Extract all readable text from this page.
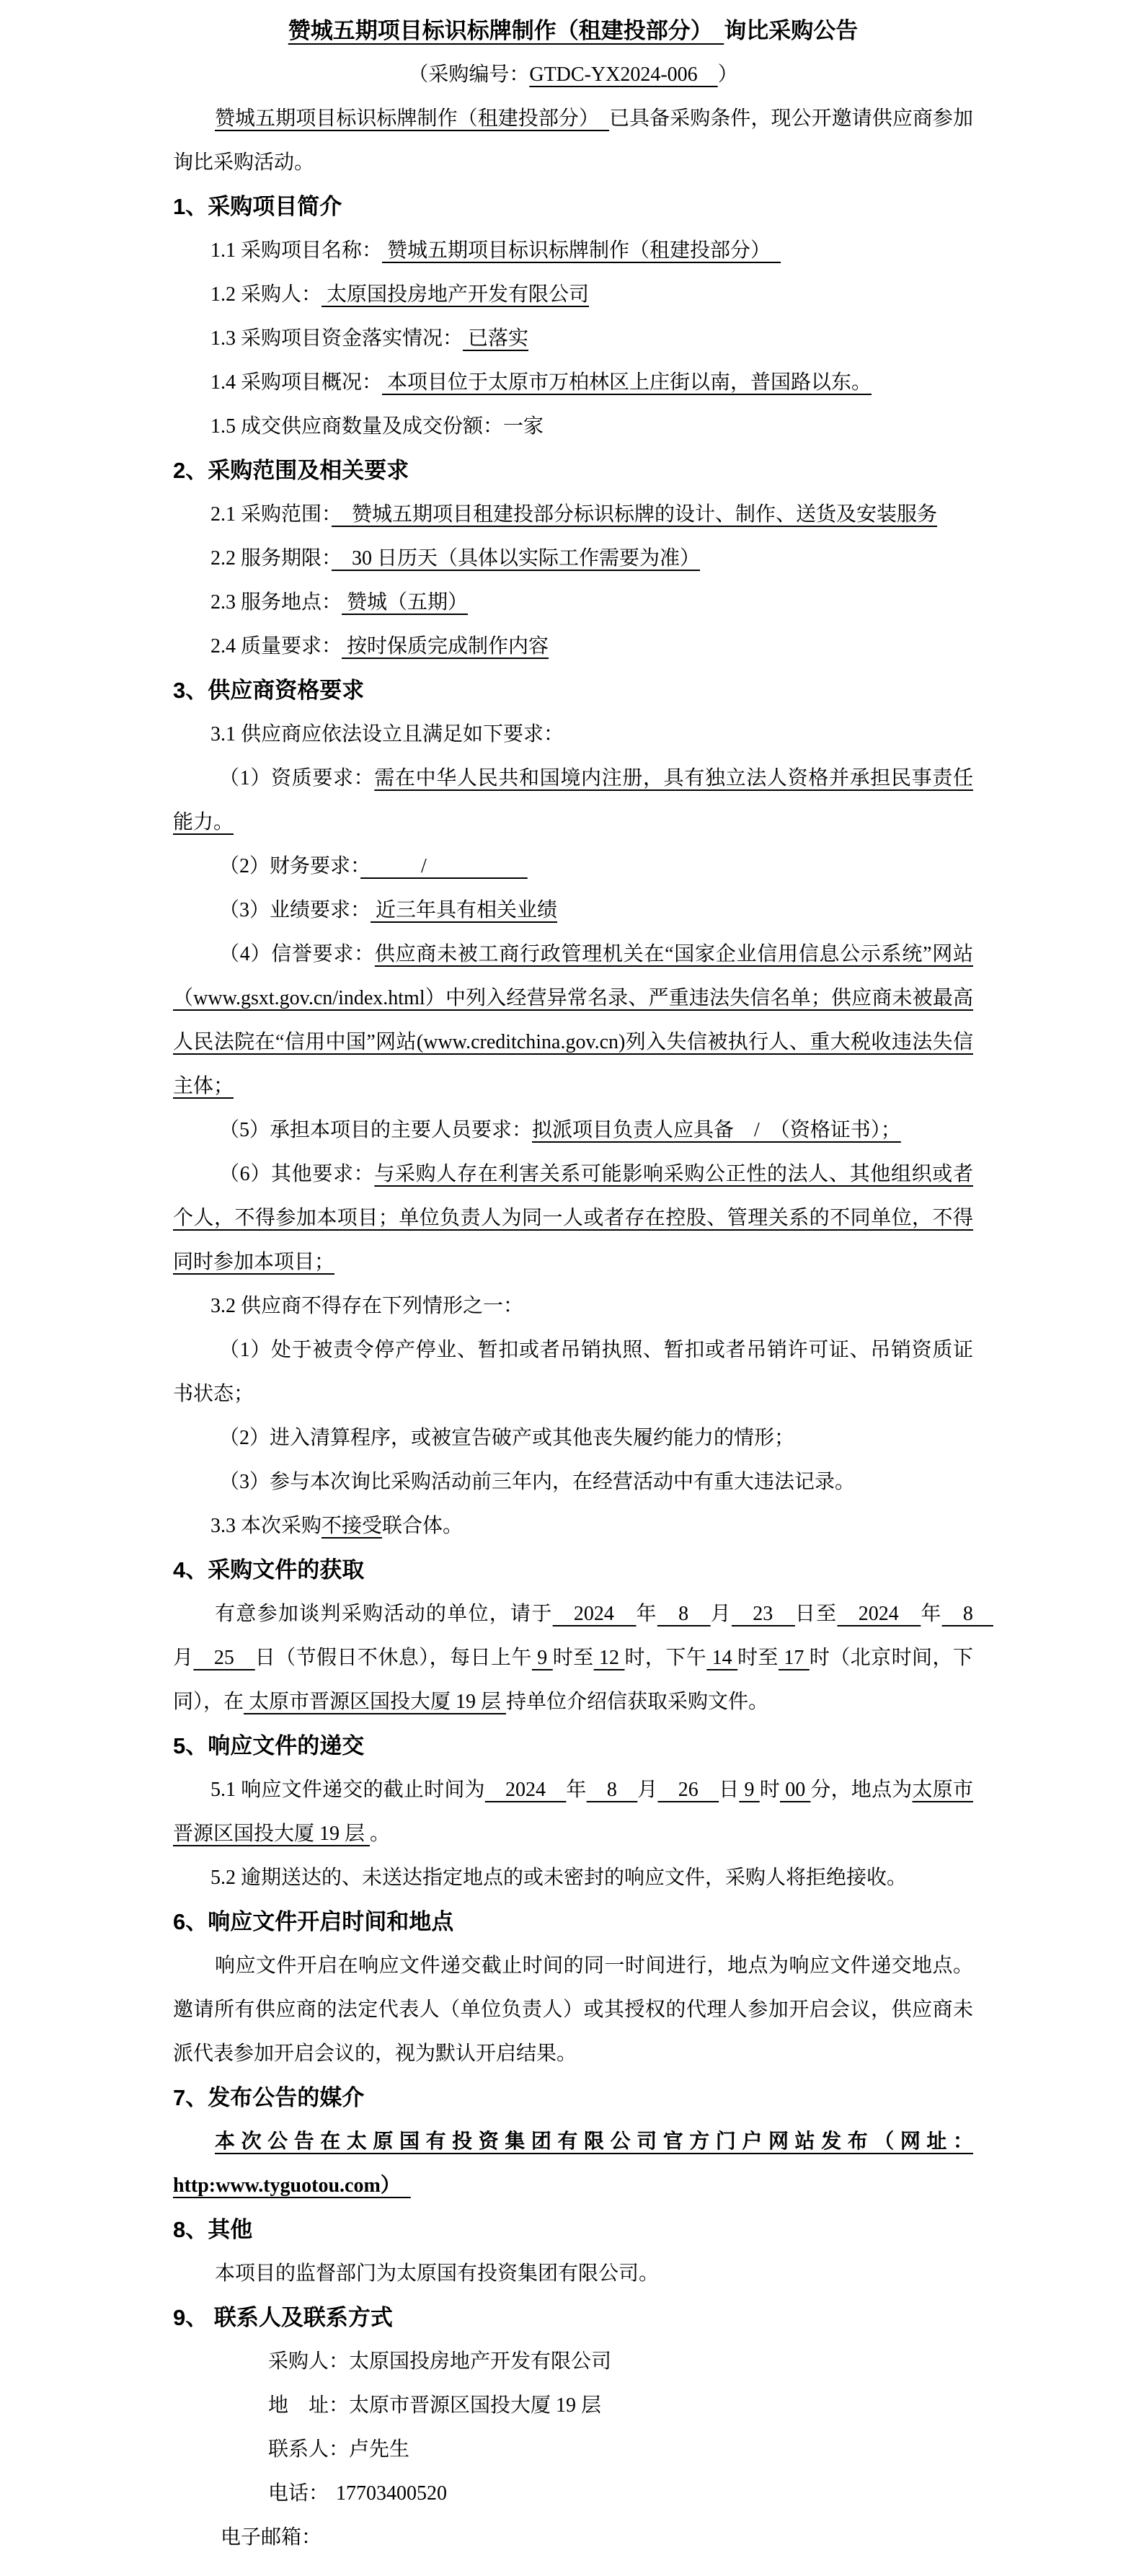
赞城五期项目标识标牌制作（租建投部分）　询比采购公告

（采购编号：GTDC-YX2024-006　）

赞城五期项目标识标牌制作（租建投部分）　已具备采购条件，现公开邀请供应商参加询比采购活动。

1、采购项目简介

1.1 采购项目名称： 赞城五期项目标识标牌制作（租建投部分）　

1.2 采购人： 太原国投房地产开发有限公司

1.3 采购项目资金落实情况： 已落实

1.4 采购项目概况： 本项目位于太原市万柏林区上庄街以南，普国路以东。

1.5 成交供应商数量及成交份额：一家

2、采购范围及相关要求

2.1 采购范围：　赞城五期项目租建投部分标识标牌的设计、制作、送货及安装服务

2.2 服务期限：　30 日历天（具体以实际工作需要为准）

2.3 服务地点： 赞城（五期）

2.4 质量要求： 按时保质完成制作内容

3、供应商资格要求

3.1 供应商应依法设立且满足如下要求：

（1）资质要求：需在中华人民共和国境内注册，具有独立法人资格并承担民事责任能力。

（2）财务要求：　　　/　　　　　

（3）业绩要求： 近三年具有相关业绩

（4）信誉要求：供应商未被工商行政管理机关在“国家企业信用信息公示系统”网站（www.gsxt.gov.cn/index.html）中列入经营异常名录、严重违法失信名单；供应商未被最高人民法院在“信用中国”网站(www.creditchina.gov.cn)列入失信被执行人、重大税收违法失信主体；

（5）承担本项目的主要人员要求：拟派项目负责人应具备　/　（资格证书）；

（6）其他要求：与采购人存在利害关系可能影响采购公正性的法人、其他组织或者个人，不得参加本项目；单位负责人为同一人或者存在控股、管理关系的不同单位，不得同时参加本项目；

3.2 供应商不得存在下列情形之一：

（1）处于被责令停产停业、暂扣或者吊销执照、暂扣或者吊销许可证、吊销资质证书状态；

（2）进入清算程序，或被宣告破产或其他丧失履约能力的情形；

（3）参与本次询比采购活动前三年内，在经营活动中有重大违法记录。

3.3 本次采购不接受联合体。

4、采购文件的获取

有意参加谈判采购活动的单位，请于　2024　年　8　月　23　日至　2024　年　8　月　25　日（节假日不休息），每日上午 9 时至 12 时，下午 14 时至 17 时（北京时间，下同），在 太原市晋源区国投大厦 19 层 持单位介绍信获取采购文件。

5、响应文件的递交

5.1 响应文件递交的截止时间为　2024　年　8　月　26　日 9 时 00 分，地点为太原市晋源区国投大厦 19 层 。

5.2 逾期送达的、未送达指定地点的或未密封的响应文件，采购人将拒绝接收。

6、响应文件开启时间和地点

响应文件开启在响应文件递交截止时间的同一时间进行，地点为响应文件递交地点。邀请所有供应商的法定代表人（单位负责人）或其授权的代理人参加开启会议，供应商未派代表参加开启会议的，视为默认开启结果。

7、发布公告的媒介

本次公告在太原国有投资集团有限公司官方门户网站发布（网址：http:www.tyguotou.com）　

8、其他

本项目的监督部门为太原国有投资集团有限公司。

9、 联系人及联系方式

采购人：太原国投房地产开发有限公司

地　址：太原市晋源区国投大厦 19 层

联系人：卢先生

电话： 17703400520

电子邮箱：
